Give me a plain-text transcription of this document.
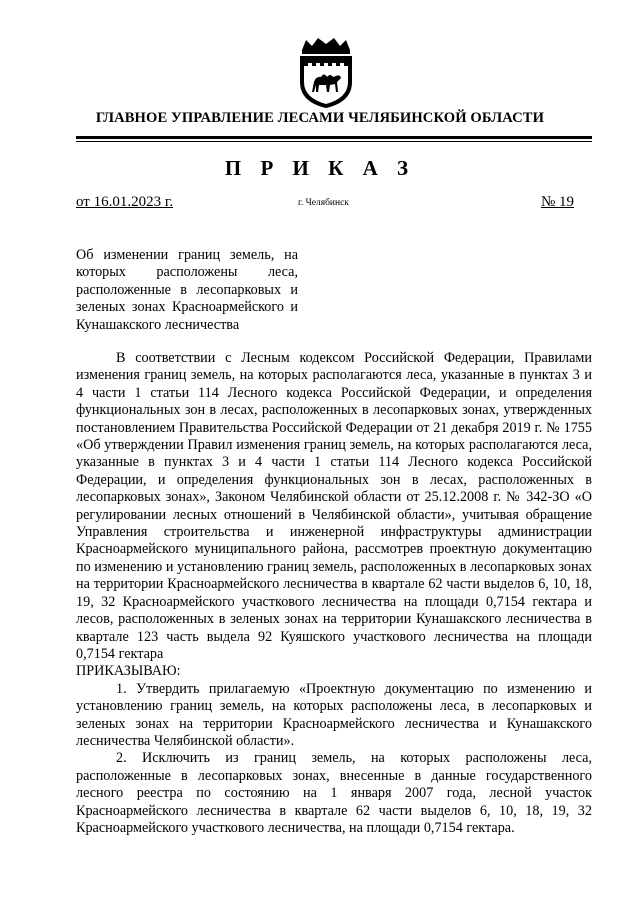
ГЛАВНОЕ УПРАВЛЕНИЕ ЛЕСАМИ ЧЕЛЯБИНСКОЙ ОБЛАСТИ
П Р И К А З
от 16.01.2023 г.	г. Челябинск	№ 19
Об изменении границ земель, на которых расположены леса, расположенные в лесопарковых и зеленых зонах Красноармейского и Кунашакского лесничества

В соответствии с Лесным кодексом Российской Федерации, Правилами изменения границ земель, на которых располагаются леса, указанные в пунктах 3 и 4 части 1 статьи 114 Лесного кодекса Российской Федерации, и определения функциональных зон в лесах, расположенных в лесопарковых зонах, утвержденных постановлением Правительства Российской Федерации от 21 декабря 2019 г. № 1755 «Об утверждении Правил изменения границ земель, на которых располагаются леса, указанные в пунктах 3 и 4 части 1 статьи 114 Лесного кодекса Российской Федерации, и определения функциональных зон в лесах, расположенных в лесопарковых зонах», Законом Челябинской области от 25.12.2008 г. № 342-ЗО «О регулировании лесных отношений в Челябинской области», учитывая обращение Управления строительства и инженерной инфраструктуры администрации Красноармейского муниципального района, рассмотрев проектную документацию по изменению и установлению границ земель, расположенных в лесопарковых зонах на территории Красноармейского лесничества в квартале 62 части выделов 6, 10, 18, 19, 32 Красноармейского участкового лесничества на площади 0,7154 гектара и лесов, расположенных в зеленых зонах на территории Кунашакского лесничества в квартале 123 часть выдела 92 Куяшского участкового лесничества на площади 0,7154 гектара

ПРИКАЗЫВАЮ:

1. Утвердить прилагаемую «Проектную документацию по изменению и установлению границ земель, на которых расположены леса, в лесопарковых и зеленых зонах на территории Красноармейского лесничества и Кунашакского лесничества Челябинской области».

2. Исключить из границ земель, на которых расположены леса, расположенные в лесопарковых зонах, внесенные в данные государственного лесного реестра по состоянию на 1 января 2007 года, лесной участок Красноармейского лесничества в квартале 62 части выделов 6, 10, 18, 19, 32 Красноармейского участкового лесничества, на площади 0,7154 гектара.
